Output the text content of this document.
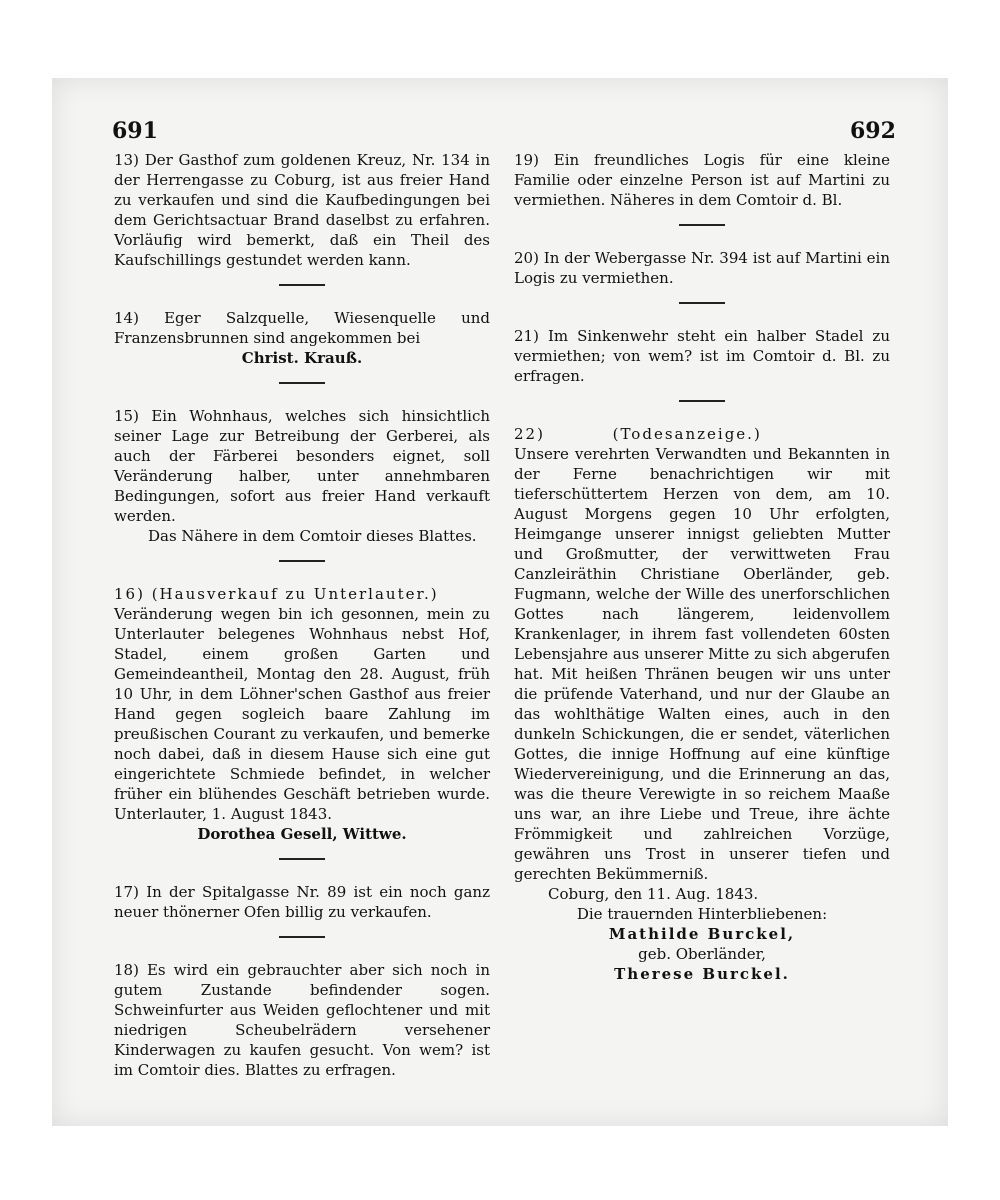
691	692

13) Der Gasthof zum goldenen Kreuz, Nr. 134 in der Herrengasse zu Coburg, ist aus freier Hand zu verkaufen und sind die Kaufbedingungen bei dem Gerichtsactuar Brand daselbst zu erfahren. Vorläufig wird bemerkt, daß ein Theil des Kaufschillings gestundet werden kann.

14) Eger Salzquelle, Wiesenquelle und Franzensbrunnen sind angekommen bei

Christ. Krauß.

15) Ein Wohnhaus, welches sich hinsichtlich seiner Lage zur Betreibung der Gerberei, als auch der Färberei besonders eignet, soll Veränderung halber, unter annehmbaren Bedingungen, sofort aus freier Hand verkauft werden.

Das Nähere in dem Comtoir dieses Blattes.

16) (Hausverkauf zu Unterlauter.)

Veränderung wegen bin ich gesonnen, mein zu Unterlauter belegenes Wohnhaus nebst Hof, Stadel, einem großen Garten und Gemeindeantheil, Montag den 28. August, früh 10 Uhr, in dem Löhner'schen Gasthof aus freier Hand gegen sogleich baare Zahlung im preußischen Courant zu verkaufen, und bemerke noch dabei, daß in diesem Hause sich eine gut eingerichtete Schmiede befindet, in welcher früher ein blühendes Geschäft betrieben wurde. Unterlauter, 1. August 1843.

Dorothea Gesell, Wittwe.

17) In der Spitalgasse Nr. 89 ist ein noch ganz neuer thönerner Ofen billig zu verkaufen.

18) Es wird ein gebrauchter aber sich noch in gutem Zustande befindender sogen. Schweinfurter aus Weiden geflochtener und mit niedrigen Scheubelrädern versehener Kinderwagen zu kaufen gesucht. Von wem? ist im Comtoir dies. Blattes zu erfragen.

19) Ein freundliches Logis für eine kleine Familie oder einzelne Person ist auf Martini zu vermiethen. Näheres in dem Comtoir d. Bl.

20) In der Webergasse Nr. 394 ist auf Martini ein Logis zu vermiethen.

21) Im Sinkenwehr steht ein halber Stadel zu vermiethen; von wem? ist im Comtoir d. Bl. zu erfragen.

22)          (Todesanzeige.)

Unsere verehrten Verwandten und Bekannten in der Ferne benachrichtigen wir mit tieferschüttertem Herzen von dem, am 10. August Morgens gegen 10 Uhr erfolgten, Heimgange unserer innigst geliebten Mutter und Großmutter, der verwittweten Frau Canzleiräthin Christiane Oberländer, geb. Fugmann, welche der Wille des unerforschlichen Gottes nach längerem, leidenvollem Krankenlager, in ihrem fast vollendeten 60sten Lebensjahre aus unserer Mitte zu sich abgerufen hat. Mit heißen Thränen beugen wir uns unter die prüfende Vaterhand, und nur der Glaube an das wohlthätige Walten eines, auch in den dunkeln Schickungen, die er sendet, väterlichen Gottes, die innige Hoffnung auf eine künftige Wiedervereinigung, und die Erinnerung an das, was die theure Verewigte in so reichem Maaße uns war, an ihre Liebe und Treue, ihre ächte Frömmigkeit und zahlreichen Vorzüge, gewähren uns Trost in unserer tiefen und gerechten Bekümmerniß.

Coburg, den 11. Aug. 1843.

Die trauernden Hinterbliebenen:

Mathilde Burckel,

geb. Oberländer,

Therese Burckel.
